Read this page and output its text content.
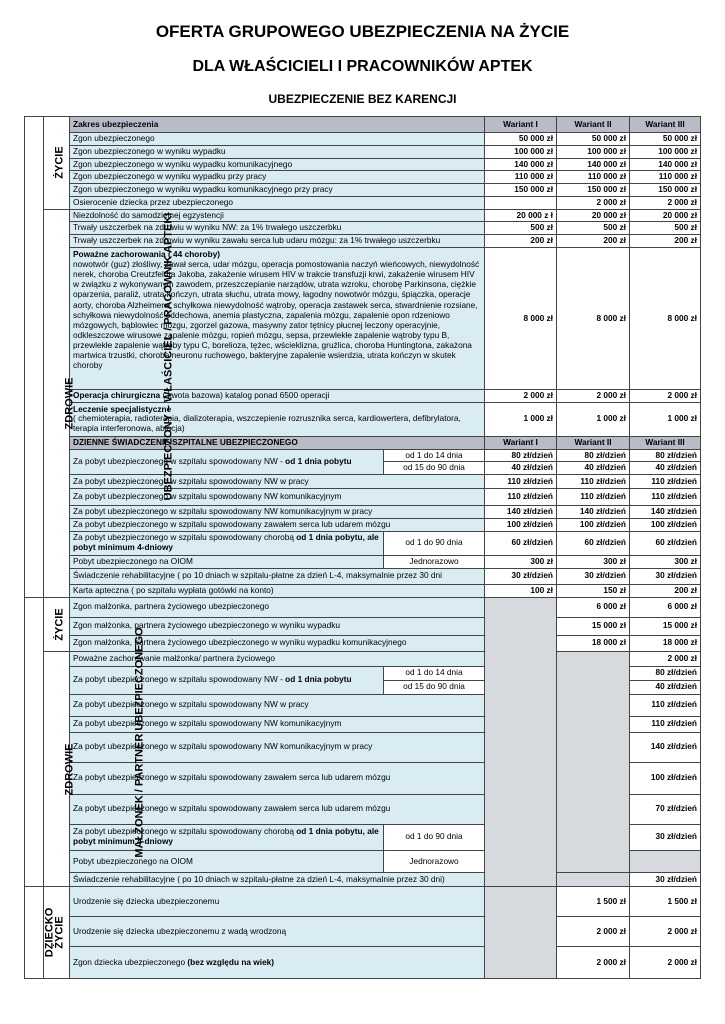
OFERTA GRUPOWEGO UBEZPIECZENIA NA ŻYCIE
DLA WŁAŚCICIELI I PRACOWNIKÓW APTEK
UBEZPIECZENIE BEZ KARENCJI
UBEZPIECZONY – WŁAŚCICIEL / PRACOWNIK APTEKI	ŻYCIE	Zakres ubezpieczenia		Wariant I	Wariant II	Wariant III	
		Zgon ubezpieczonego		50 000 zł	50 000 zł	50 000 zł	
		Zgon ubezpieczonego w wyniku wypadku		100 000 zł	100 000 zł	100 000 zł	
		Zgon ubezpieczonego w wyniku wypadku komunikacyjnego		140 000 zł	140 000 zł	140 000 zł	
		Zgon ubezpieczonego w wyniku wypadku przy pracy		110 000 zł	110 000 zł	110 000 zł	
		Zgon ubezpieczonego w wyniku wypadku komunikacyjnego przy pracy		150 000 zł	150 000 zł	150 000 zł	
		Osierocenie dziecka przez ubezpieczonego			2 000 zł	2 000 zł	
	ZDROWIE	Niezdolność do samodzielnej egzystencji		20 000 z ł	20 000 zł	20 000 zł	
		Trwały uszczerbek na zdrowiu w wyniku NW: za 1% trwałego uszczerbku		500 zł	500 zł	500 zł	
		Trwały uszczerbek na zdrowiu w wyniku zawału serca lub udaru mózgu: za 1% trwałego uszczerbku		200 zł	200 zł	200 zł	
		Poważne zachorowania ( 44 choroby)
nowotwór (guz) złośliwy, zawał serca, udar mózgu, operacja pomostowania naczyń wieńcowych, niewydolność nerek, choroba Creutzfeldta Jakoba, zakażenie wirusem HIV w trakcie transfuzji krwi, zakażenie wirusem HIV w związku z wykonywanym zawodem, przeszczepianie narządów, utrata wzroku, chorobę Parkinsona, ciężkie oparzenia, paraliż, utrata kończyn, utrata słuchu, utrata mowy, łagodny nowotwór mózgu, śpiączka, operacje aorty, choroba Alzheimera, schyłkowa niewydolność wątroby, operacja zastawek serca, stwardnienie rozsiane, schyłkowa niewydolność oddechowa, anemia plastyczna, zapalenia mózgu, zapalenie opon rdzeniowo mózgowych, bąblowiec mózgu, zgorzel gazowa, masywny zator tętnicy płucnej leczony operacyjnie, odkleszczowe wirusowe zapalenie mózgu, ropień mózgu, sepsa, przewlekłe zapalenie wątroby typu B, przewlekłe zapalenie wątroby typu C, borelioza, tężec, wścieklizna, gruźlica, choroba Huntingtona, zakażona martwica trzustki, choroba neuronu ruchowego, bakteryjne zapalenie wsierdzia, utrata kończyn w skutek choroby		8 000 zł	8 000 zł	8 000 zł	
		Operacja chirurgiczna ( kwota bazowa) katalog ponad 6500 operacji		2 000 zł	2 000 zł	2 000 zł	
		Leczenie specjalistyczne
( chemioterapia, radioterapia, dializoterapia, wszczepienie rozrusznika serca, kardiowertera, defibrylatora, terapia interferonowa, ablacja)		1 000 zł	1 000 zł	1 000 zł	
		DZIENNE ŚWIADCZENIE SZPITALNE UBEZPIECZONEGO		Wariant I	Wariant II	Wariant III	
		Za pobyt ubezpieczonego w szpitalu spowodowany NW - od 1 dnia pobytu	od 1 do 14 dnia	80 zł/dzień	80 zł/dzień	80 zł/dzień	
			od 15 do 90 dnia	40 zł/dzień	40 zł/dzień	40 zł/dzień	
		Za pobyt ubezpieczonego w szpitalu spowodowany NW w pracy		110 zł/dzień	110 zł/dzień	110 zł/dzień	
		Za pobyt ubezpieczonego w szpitalu spowodowany NW komunikacyjnym		110 zł/dzień	110 zł/dzień	110 zł/dzień	
		Za pobyt ubezpieczonego w szpitalu spowodowany NW komunikacyjnym w pracy		140 zł/dzień	140 zł/dzień	140 zł/dzień	
		Za pobyt ubezpieczonego w szpitalu spowodowany zawałem serca lub udarem mózgu		100 zł/dzień	100 zł/dzień	100 zł/dzień	
		Za pobyt ubezpieczonego w szpitalu spowodowany chorobą od 1 dnia pobytu, ale pobyt minimum 4-dniowy	od 1 do 90 dnia	60 zł/dzień	60 zł/dzień	60 zł/dzień	
		Pobyt ubezpieczonego na OIOM	Jednorazowo	300 zł	300 zł	300 zł	
		Świadczenie rehabilitacyjne ( po 10 dniach w szpitalu-płatne za dzień L-4, maksymalnie przez 30 dni		30 zł/dzień	30 zł/dzień	30 zł/dzień	
		Karta apteczna ( po szpitalu wypłata gotówki na konto)		100 zł	150 zł	200 zł	

MAŁŻONEK / PARTNER UBEZPIECZONEGO	ŻYCIE	Zgon małżonka, partnera życiowego ubezpieczonego			6 000 zł	6 000 zł	
		Zgon małżonka, partnera życiowego ubezpieczonego w wyniku wypadku			15 000 zł	15 000 zł	
		Zgon małżonka, partnera życiowego ubezpieczonego w wyniku wypadku komunikacyjnego			18 000 zł	18 000 zł	
	ZDROWIE	Poważne zachorowanie małżonka/ partnera życiowego				2 000 zł	
		Za pobyt ubezpieczonego w szpitalu spowodowany NW - od 1 dnia pobytu	od 1 do 14 dnia			80 zł/dzień	
			od 15 do 90 dnia			40 zł/dzień	
		Za pobyt ubezpieczonego w szpitalu spowodowany NW w pracy				110 zł/dzień	
		Za pobyt ubezpieczonego w szpitalu spowodowany NW komunikacyjnym				110 zł/dzień	
		Za pobyt ubezpieczonego w szpitalu spowodowany NW komunikacyjnym w pracy				140 zł/dzień	
		Za pobyt ubezpieczonego w szpitalu spowodowany zawałem serca lub udarem mózgu				100 zł/dzień	
		Za pobyt ubezpieczonego w szpitalu spowodowany zawałem serca lub udarem mózgu				70 zł/dzień	
		Za pobyt ubezpieczonego w szpitalu spowodowany chorobą od 1 dnia pobytu, ale pobyt minimum 4-dniowy	od 1 do 90 dnia			30 zł/dzień	
		Pobyt ubezpieczonego na OIOM	Jednorazowo		
		Świadczenie rehabilitacyjne ( po 10 dniach w szpitalu-płatne za dzień L-4, maksymalnie przez 30 dni)				30 zł/dzień	

DZIECKO	ŻYCIE	Urodzenie się dziecka ubezpieczonemu			1 500 zł	1 500 zł	
		Urodzenie się dziecka ubezpieczonemu z wadą wrodzoną			2 000 zł	2 000 zł	
		Zgon dziecka ubezpieczonego (bez względu na wiek)			2 000 zł	2 000 zł	
